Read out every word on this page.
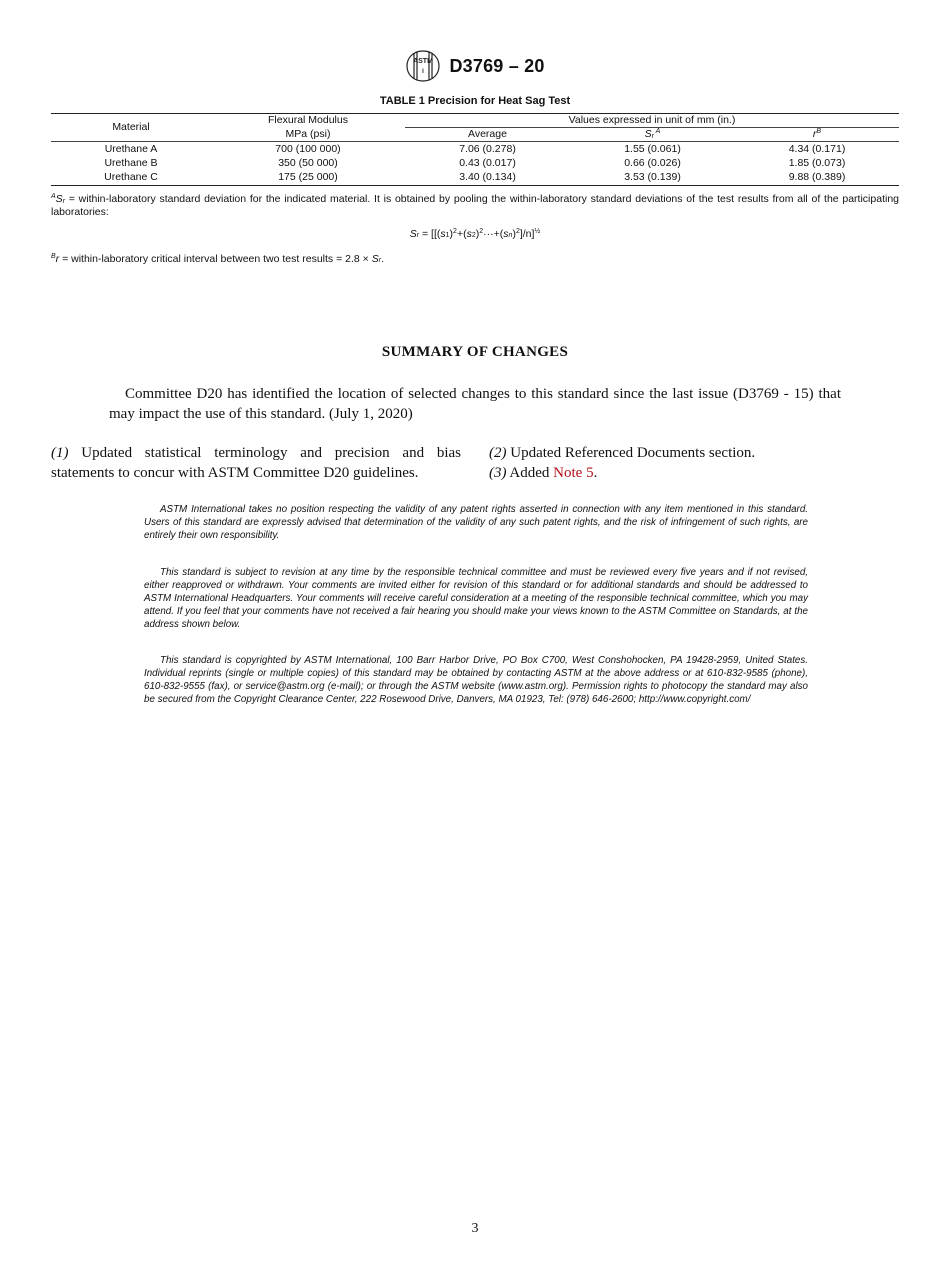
ASTM
I D3769 – 20
TABLE 1 Precision for Heat Sag Test
Material	Flexural Modulus	Values expressed in unit of mm (in.)		
	MPa (psi)	Average	Sr $^A$	$r^B$
Urethane A	700 (100 000)	7.06 (0.278)	1.55 (0.061)	4.34 (0.171)
Urethane B	350 (50 000)	0.43 (0.017)	0.66 (0.026)	1.85 (0.073)
Urethane C	175 (25 000)	3.40 (0.134)	3.53 (0.139)	9.88 (0.389)
$^A$Sr = within-laboratory standard deviation for the indicated material. It is obtained by pooling the within-laboratory standard deviations of the test results from all of the participating laboratories:
$Sr = [[(s1)^2+(s2)^2\cdot\cdot\cdot+(sn)^2]/n]^{\frac{1}{2}}$
$^B$r = within-laboratory critical interval between two test results = 2.8 × Sr.
SUMMARY OF CHANGES
Committee D20 has identified the location of selected changes to this standard since the last issue (D3769 - 15) that may impact the use of this standard. (July 1, 2020)
(1) Updated statistical terminology and precision and bias statements to concur with ASTM Committee D20 guidelines.
(2) Updated Referenced Documents section.
(3) Added Note 5.

ASTM International takes no position respecting the validity of any patent rights asserted in connection with any item mentioned in this standard. Users of this standard are expressly advised that determination of the validity of any such patent rights, and the risk of infringement of such rights, are entirely their own responsibility.

This standard is subject to revision at any time by the responsible technical committee and must be reviewed every five years and if not revised, either reapproved or withdrawn. Your comments are invited either for revision of this standard or for additional standards and should be addressed to ASTM International Headquarters. Your comments will receive careful consideration at a meeting of the responsible technical committee, which you may attend. If you feel that your comments have not received a fair hearing you should make your views known to the ASTM Committee on Standards, at the address shown below.

This standard is copyrighted by ASTM International, 100 Barr Harbor Drive, PO Box C700, West Conshohocken, PA 19428-2959, United States. Individual reprints (single or multiple copies) of this standard may be obtained by contacting ASTM at the above address or at 610-832-9585 (phone), 610-832-9555 (fax), or service@astm.org (e-mail); or through the ASTM website (www.astm.org). Permission rights to photocopy the standard may also be secured from the Copyright Clearance Center, 222 Rosewood Drive, Danvers, MA 01923, Tel: (978) 646-2600; http://www.copyright.com/

3
